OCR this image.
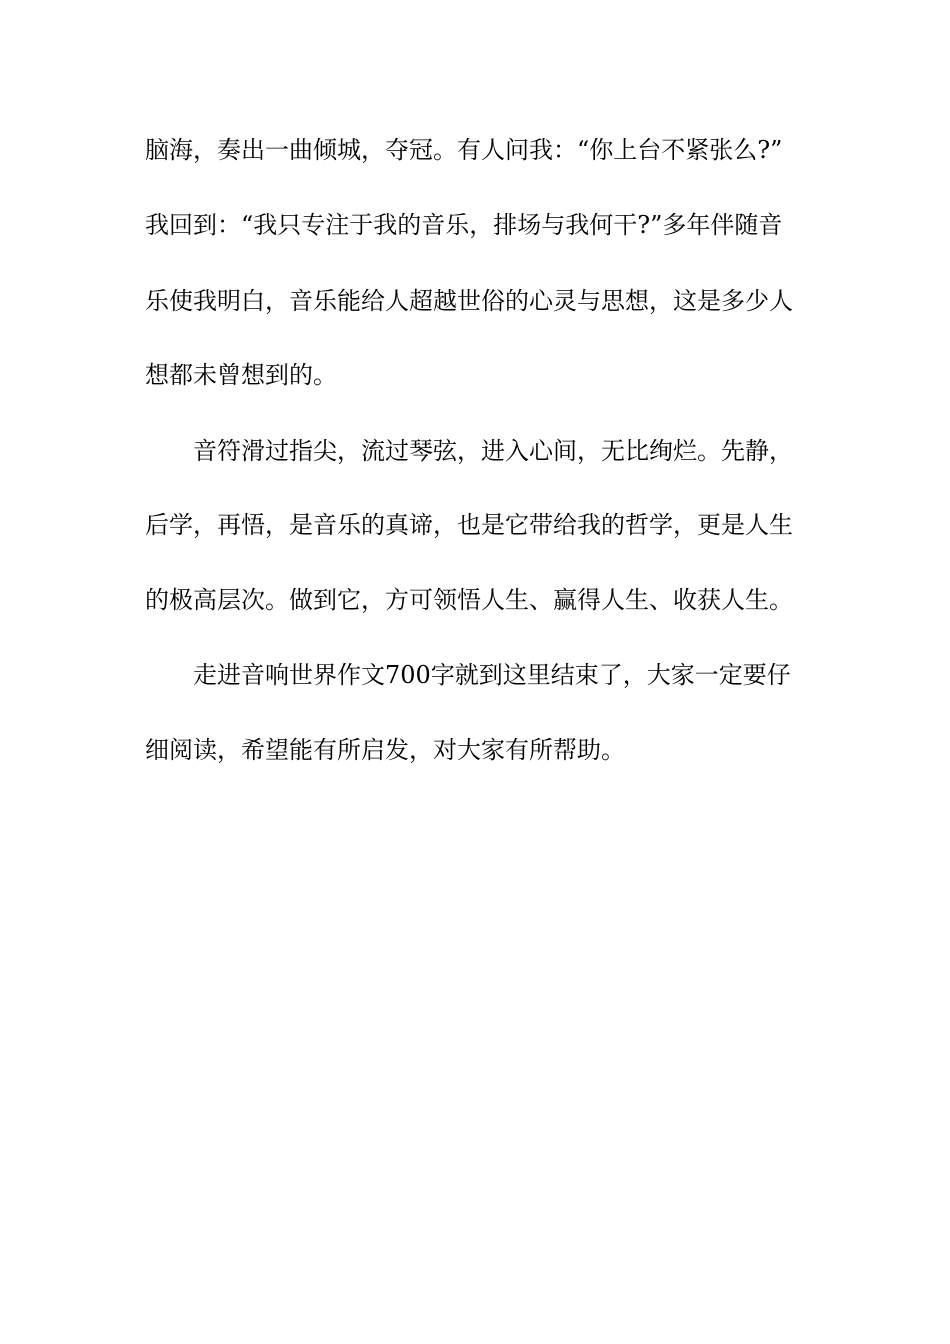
脑海，奏出一曲倾城，夺冠。有人问我：“你上台不紧张么?”
我回到：“我只专注于我的音乐，排场与我何干?”多年伴随音
乐使我明白，音乐能给人超越世俗的心灵与思想，这是多少人
想都未曾想到的。
音符滑过指尖，流过琴弦，进入心间，无比绚烂。先静，
后学，再悟，是音乐的真谛，也是它带给我的哲学，更是人生
的极高层次。做到它，方可领悟人生、赢得人生、收获人生。
走进音响世界作文700字就到这里结束了，大家一定要仔
细阅读，希望能有所启发，对大家有所帮助。
